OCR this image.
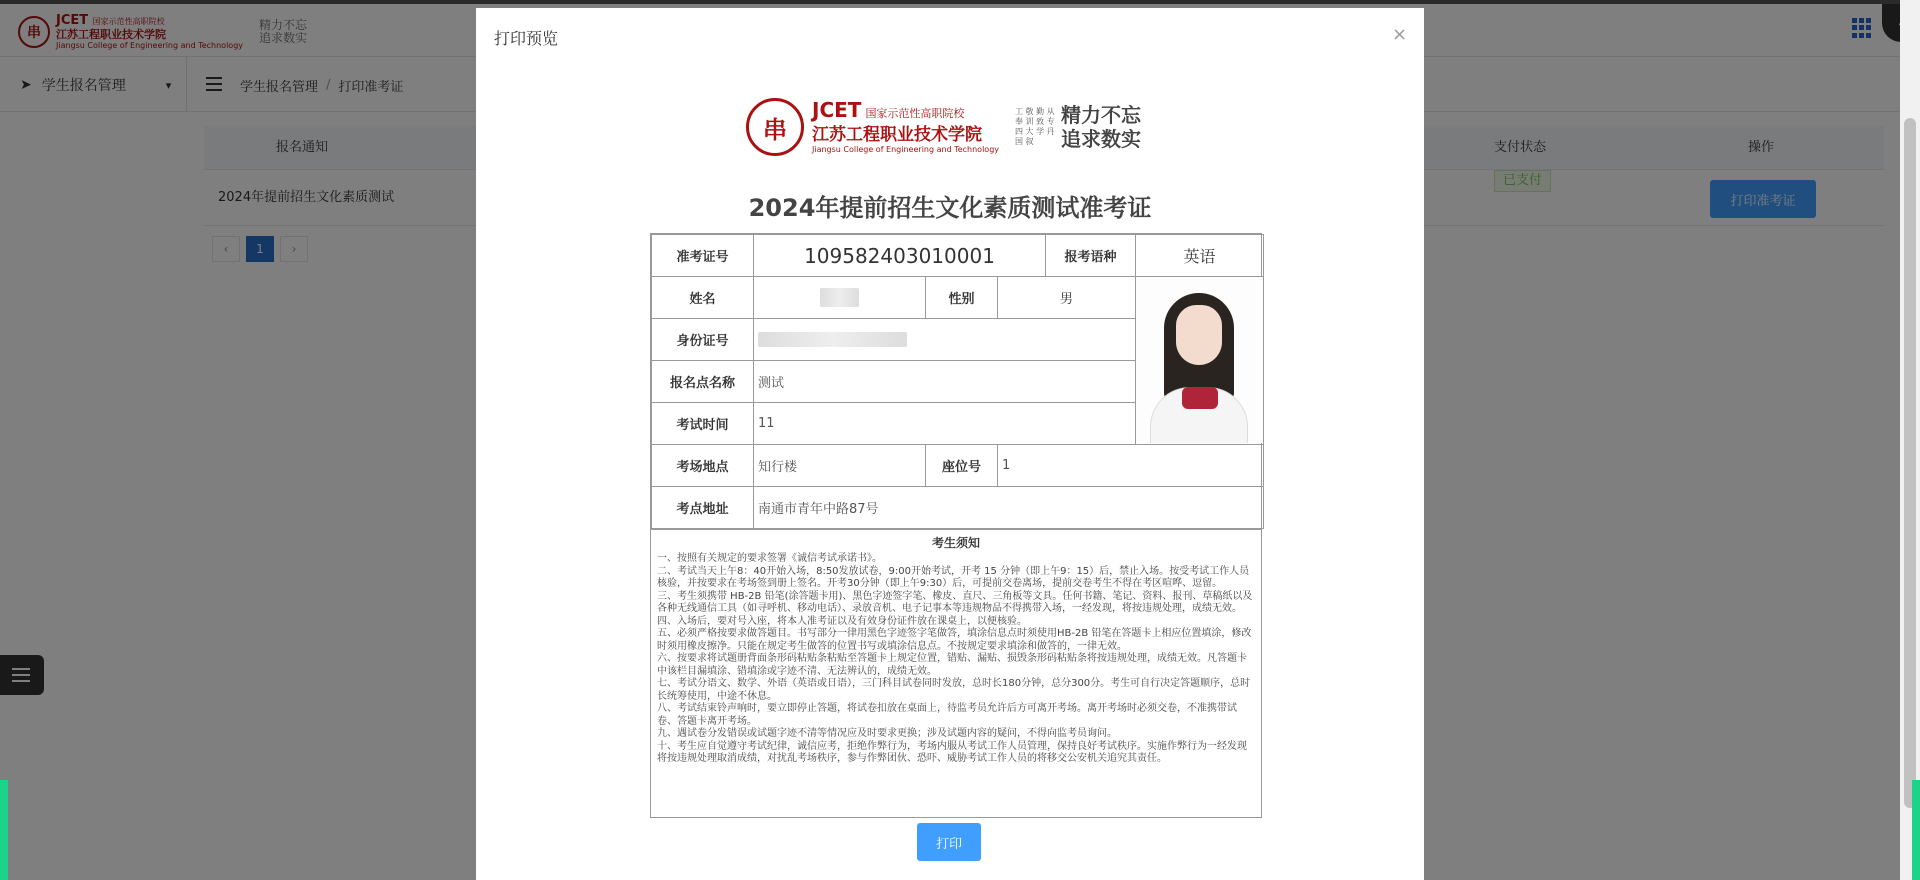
打印预览	×
串
JCET 国家示范性高职院校
江苏工程职业技术学院
Jiangsu College of Engineering and Technology
工 敬 勤 从 奉 训 致 专 四 大 学 丹 国 叙
精力不忘
追求数实
2024年提前招生文化素质测试准考证
准考证号	109582403010001			报考语种	英语
姓名		性别	男		

身份证号	
报名点名称	测试				
考试时间	11				
考场地点	知行楼	座位号	1		
考点地址	南通市青年中路87号				
考生须知
一、按照有关规定的要求签署《诚信考试承诺书》。
二、考试当天上午8：40开始入场，8:50发放试卷，9:00开始考试，开考 15 分钟（即上午9：15）后，禁止入场。按受考试工作人员核验，并按要求在考场签到册上签名。开考30分钟（即上午9:30）后，可提前交卷离场，提前交卷考生不得在考区喧哗、逗留。
三、考生须携带 HB-2B 铅笔(涂答题卡用)、黑色字迹签字笔、橡皮、直尺、三角板等文具。任何书籍、笔记、资料、报刊、草稿纸以及各种无线通信工具（如寻呼机、移动电话）、录放音机、电子记事本等违规物品不得携带入场，一经发现，将按违规处理，成绩无效。
四、入场后，要对号入座，将本人准考证以及有效身份证件放在课桌上，以便核验。
五、必须严格按要求做答题目。书写部分一律用黑色字迹签字笔做答，填涂信息点时须使用HB-2B 铅笔在答题卡上相应位置填涂，修改时须用橡皮擦净。只能在规定考生做答的位置书写或填涂信息点。不按规定要求填涂和做答的，一律无效。
六、按要求将试题册背面条形码粘贴条粘贴至答题卡上规定位置，错贴、漏贴、损毁条形码粘贴条将按违规处理，成绩无效。凡答题卡中该栏目漏填涂、错填涂或字迹不清、无法辨认的，成绩无效。
七、考试分语文、数学、外语（英语或日语），三门科目试卷同时发放，总时长180分钟，总分300分。考生可自行决定答题顺序，总时长统筹使用，中途不休息。
八、考试结束铃声响时，要立即停止答题，将试卷扣放在桌面上，待监考员允许后方可离开考场。离开考场时必须交卷，不准携带试卷、答题卡离开考场。
九、遇试卷分发错误或试题字迹不清等情况应及时要求更换；涉及试题内容的疑问，不得向监考员询问。
十、考生应自觉遵守考试纪律，诚信应考，拒绝作弊行为，考场内服从考试工作人员管理，保持良好考试秩序。实施作弊行为一经发现将按违规处理取消成绩，对扰乱考场秩序，参与作弊团伙、恐吓、威胁考试工作人员的将移交公安机关追究其责任。
打印
